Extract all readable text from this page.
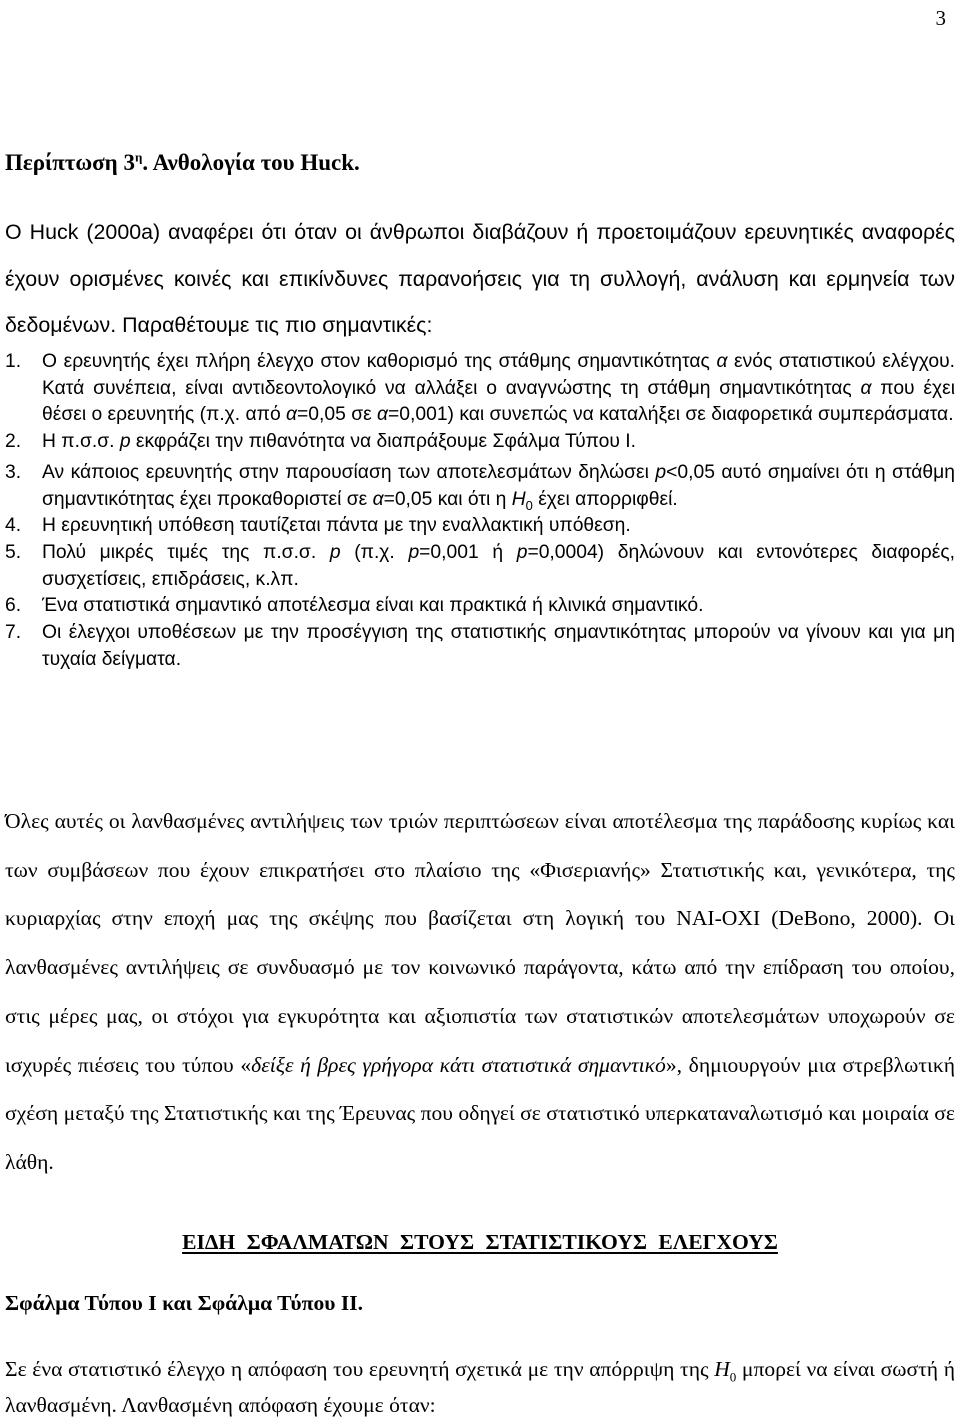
3
Περίπτωση $3^\eta$. Ανθολογία του Huck.
Ο Huck (2000a) αναφέρει ότι όταν οι άνθρωποι διαβάζουν ή προετοιμάζουν ερευνητικές αναφορές έχουν ορισμένες κοινές και επικίνδυνες παρανοήσεις για τη συλλογή, ανάλυση και ερμηνεία των δεδομένων. Παραθέτουμε τις πιο σημαντικές:
1. Ο ερευνητής έχει πλήρη έλεγχο στον καθορισμό της στάθμης σημαντικότητας α ενός στατιστικού ελέγχου. Κατά συνέπεια, είναι αντιδεοντολογικό να αλλάξει ο αναγνώστης τη στάθμη σημαντικότητας α που έχει θέσει ο ερευνητής (π.χ. από α=0,05 σε α=0,001) και συνεπώς να καταλήξει σε διαφορετικά συμπεράσματα.
2. Η π.σ.σ. p εκφράζει την πιθανότητα να διαπράξουμε Σφάλμα Τύπου Ι.
3. Αν κάποιος ερευνητής στην παρουσίαση των αποτελεσμάτων δηλώσει p<0,05 αυτό σημαίνει ότι η στάθμη σημαντικότητας έχει προκαθοριστεί σε α=0,05 και ότι η $H_0$ έχει απορριφθεί.
4. Η ερευνητική υπόθεση ταυτίζεται πάντα με την εναλλακτική υπόθεση.
5. Πολύ μικρές τιμές της π.σ.σ. p (π.χ. p=0,001 ή p=0,0004) δηλώνουν και εντονότερες διαφορές, συσχετίσεις, επιδράσεις, κ.λπ.
6. Ένα στατιστικά σημαντικό αποτέλεσμα είναι και πρακτικά ή κλινικά σημαντικό.
7. Οι έλεγχοι υποθέσεων με την προσέγγιση της στατιστικής σημαντικότητας μπορούν να γίνουν και για μη τυχαία δείγματα.
Όλες αυτές οι λανθασμένες αντιλήψεις των τριών περιπτώσεων είναι αποτέλεσμα της παράδοσης κυρίως και των συμβάσεων που έχουν επικρατήσει στο πλαίσιο της «Φισεριανής» Στατιστικής και, γενικότερα, της κυριαρχίας στην εποχή μας της σκέψης που βασίζεται στη λογική του ΝΑΙ-ΟΧΙ (DeBono, 2000). Οι λανθασμένες αντιλήψεις σε συνδυασμό με τον κοινωνικό παράγοντα, κάτω από την επίδραση του οποίου, στις μέρες μας, οι στόχοι για εγκυρότητα και αξιοπιστία των στατιστικών αποτελεσμάτων υποχωρούν σε ισχυρές πιέσεις του τύπου «δείξε ή βρες γρήγορα κάτι στατιστικά σημαντικό», δημιουργούν μια στρεβλωτική σχέση μεταξύ της Στατιστικής και της Έρευνας που οδηγεί σε στατιστικό υπερκαταναλωτισμό και μοιραία σε λάθη.
ΕΙΔΗ ΣΦΑΛΜΑΤΩΝ ΣΤΟΥΣ ΣΤΑΤΙΣΤΙΚΟΥΣ ΕΛΕΓΧΟΥΣ
Σφάλμα Τύπου Ι και Σφάλμα Τύπου ΙΙ.
Σε ένα στατιστικό έλεγχο η απόφαση του ερευνητή σχετικά με την απόρριψη της $H_0$ μπορεί να είναι σωστή ή λανθασμένη. Λανθασμένη απόφαση έχουμε όταν:
